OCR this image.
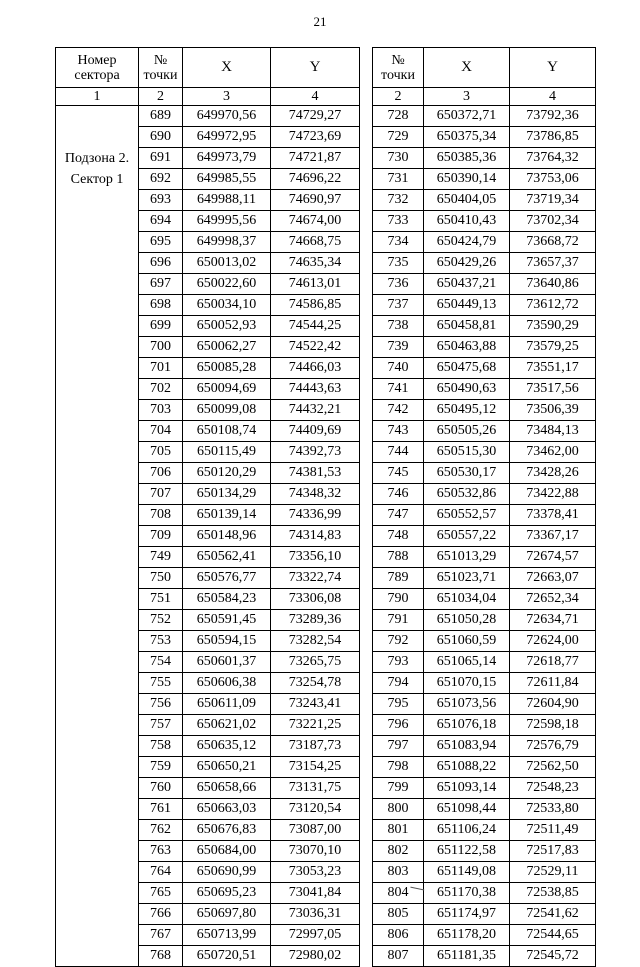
21
Номер сектора	№ точки	X	Y
1	2	3	4
Подзона 2. Сектор 1	689	649970,56	74729,27
	690	649972,95	74723,69
	691	649973,79	74721,87
	692	649985,55	74696,22
	693	649988,11	74690,97
	694	649995,56	74674,00
	695	649998,37	74668,75
	696	650013,02	74635,34
	697	650022,60	74613,01
	698	650034,10	74586,85
	699	650052,93	74544,25
	700	650062,27	74522,42
	701	650085,28	74466,03
	702	650094,69	74443,63
	703	650099,08	74432,21
	704	650108,74	74409,69
	705	650115,49	74392,73
	706	650120,29	74381,53
	707	650134,29	74348,32
	708	650139,14	74336,99
	709	650148,96	74314,83
	749	650562,41	73356,10
	750	650576,77	73322,74
	751	650584,23	73306,08
	752	650591,45	73289,36
	753	650594,15	73282,54
	754	650601,37	73265,75
	755	650606,38	73254,78
	756	650611,09	73243,41
	757	650621,02	73221,25
	758	650635,12	73187,73
	759	650650,21	73154,25
	760	650658,66	73131,75
	761	650663,03	73120,54
	762	650676,83	73087,00
	763	650684,00	73070,10
	764	650690,99	73053,23
	765	650695,23	73041,84
	766	650697,80	73036,31
	767	650713,99	72997,05
	768	650720,51	72980,02
№ точки	X	Y
2	3	4
728	650372,71	73792,36
729	650375,34	73786,85
730	650385,36	73764,32
731	650390,14	73753,06
732	650404,05	73719,34
733	650410,43	73702,34
734	650424,79	73668,72
735	650429,26	73657,37
736	650437,21	73640,86
737	650449,13	73612,72
738	650458,81	73590,29
739	650463,88	73579,25
740	650475,68	73551,17
741	650490,63	73517,56
742	650495,12	73506,39
743	650505,26	73484,13
744	650515,30	73462,00
745	650530,17	73428,26
746	650532,86	73422,88
747	650552,57	73378,41
748	650557,22	73367,17
788	651013,29	72674,57
789	651023,71	72663,07
790	651034,04	72652,34
791	651050,28	72634,71
792	651060,59	72624,00
793	651065,14	72618,77
794	651070,15	72611,84
795	651073,56	72604,90
796	651076,18	72598,18
797	651083,94	72576,79
798	651088,22	72562,50
799	651093,14	72548,23
800	651098,44	72533,80
801	651106,24	72511,49
802	651122,58	72517,83
803	651149,08	72529,11
804	651170,38	72538,85
805	651174,97	72541,62
806	651178,20	72544,65
807	651181,35	72545,72
